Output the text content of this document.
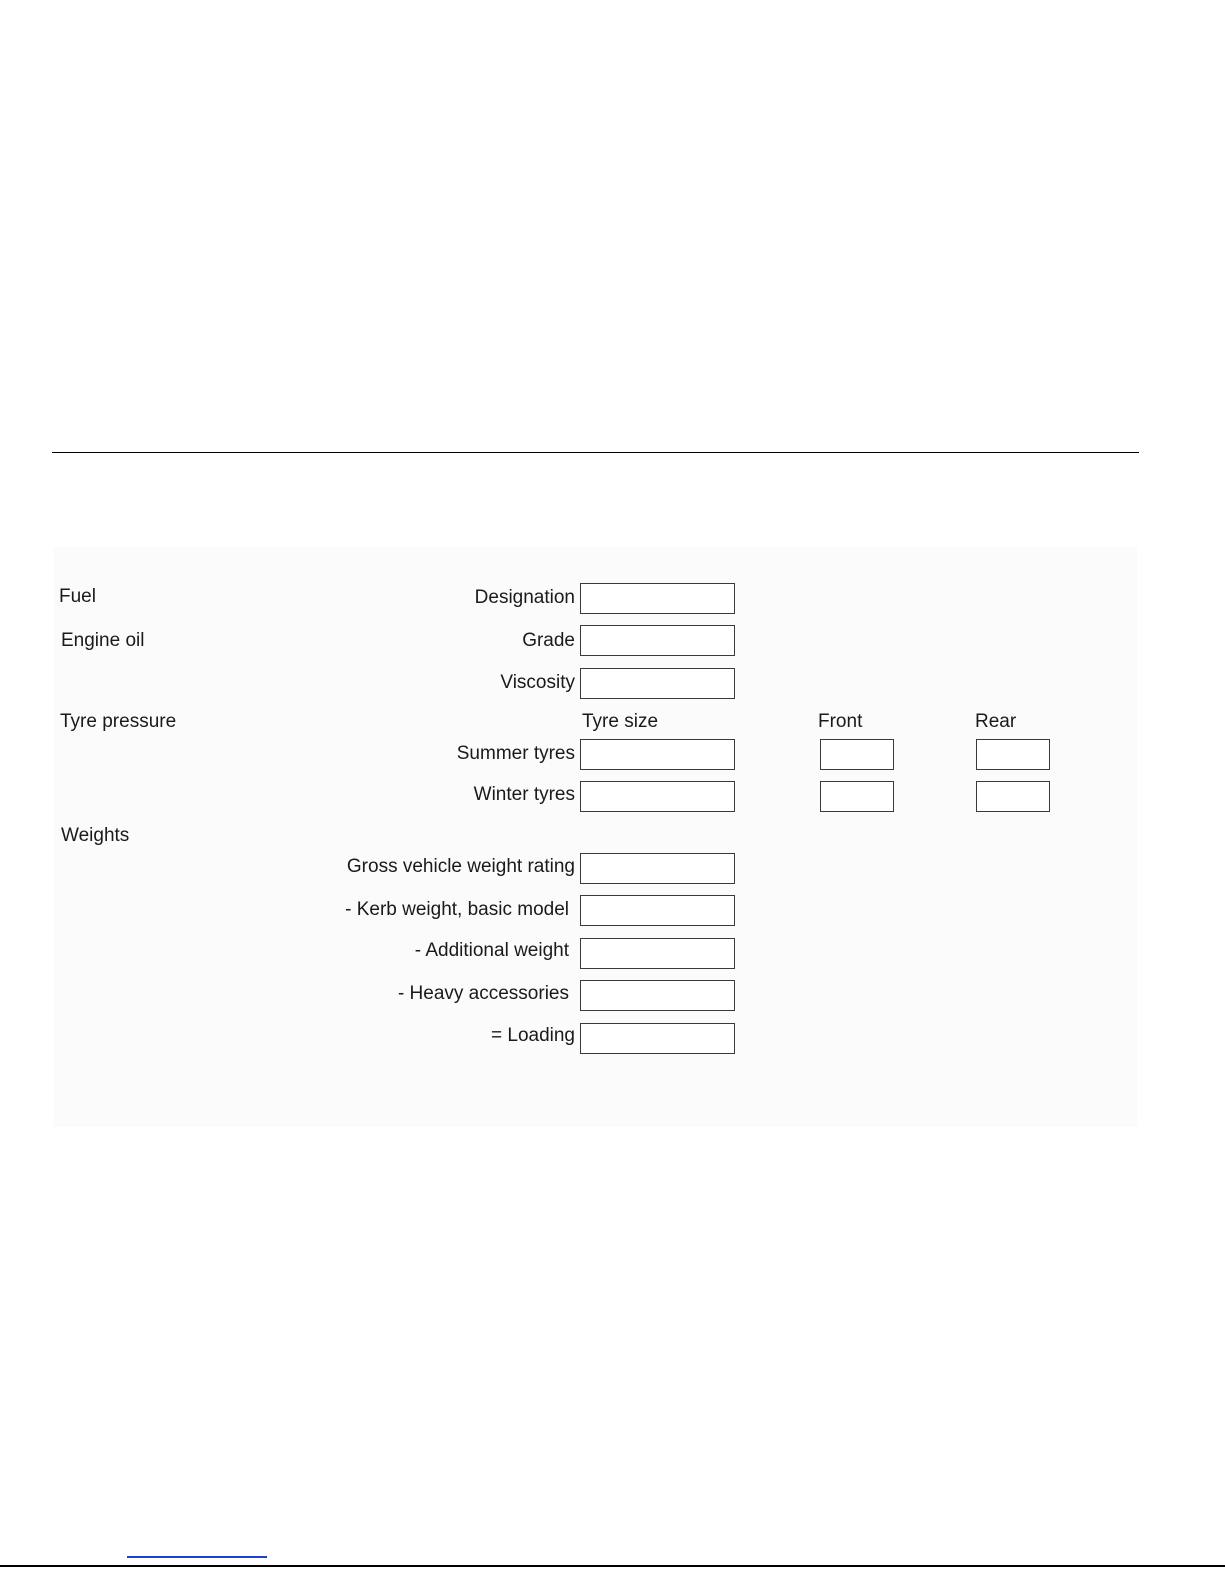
Fuel
Engine oil
Tyre pressure
Weights
Designation
Grade
Viscosity
Summer tyres
Winter tyres
Gross vehicle weight rating
- Kerb weight, basic model
- Additional weight
- Heavy accessories
= Loading
Tyre size	Front	Rear
